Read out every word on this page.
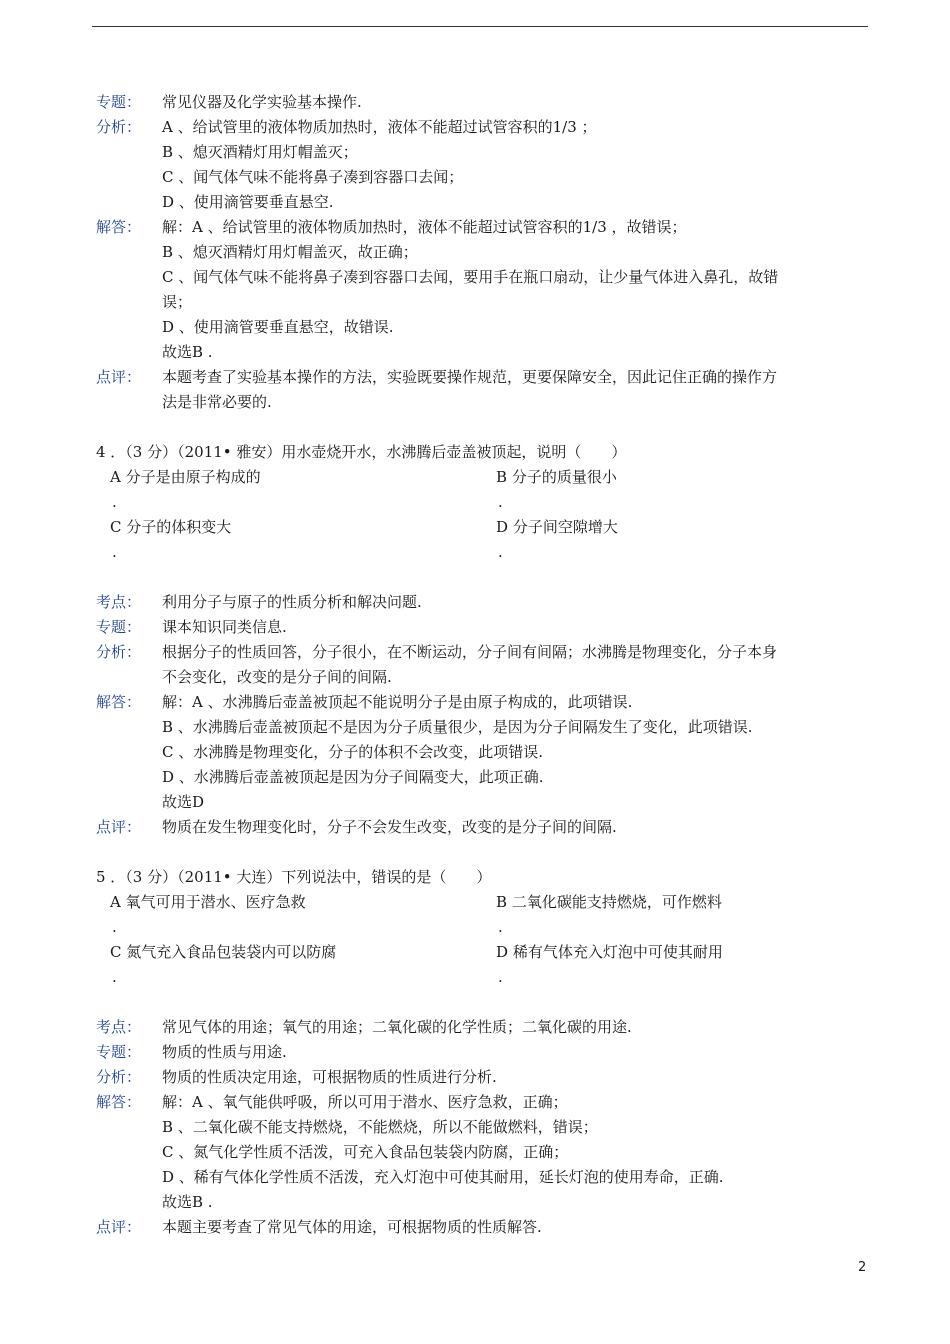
专题： 常见仪器及化学实验基本操作.
分析： A 、给试管里的液体物质加热时，液体不能超过试管容积的1/3 ；
B 、熄灭酒精灯用灯帽盖灭；
C 、闻气体气味不能将鼻子凑到容器口去闻；
D 、使用滴管要垂直悬空.
解答： 解：A 、给试管里的液体物质加热时，液体不能超过试管容积的1/3 ，故错误；
B 、熄灭酒精灯用灯帽盖灭，故正确；
C 、闻气体气味不能将鼻子凑到容器口去闻，要用手在瓶口扇动，让少量气体进入鼻孔，故错
误；
D 、使用滴管要垂直悬空，故错误.
故选B .
点评： 本题考查了实验基本操作的方法，实验既要操作规范，更要保障安全，因此记住正确的操作方
法是非常必要的.
4 ．（3 分）（2011• 雅安）用水壶烧开水，水沸腾后壶盖被顶起，说明（　　）
A 分子是由原子构成的
.
B 分子的质量很小
.
C 分子的体积变大
.
D 分子间空隙增大
.
考点： 利用分子与原子的性质分析和解决问题.
专题： 课本知识同类信息.
分析： 根据分子的性质回答，分子很小，在不断运动，分子间有间隔；水沸腾是物理变化，分子本身
不会变化，改变的是分子间的间隔.
解答： 解：A 、水沸腾后壶盖被顶起不能说明分子是由原子构成的，此项错误.
B 、水沸腾后壶盖被顶起不是因为分子质量很少，是因为分子间隔发生了变化，此项错误.
C 、水沸腾是物理变化，分子的体积不会改变，此项错误.
D 、水沸腾后壶盖被顶起是因为分子间隔变大，此项正确.
故选D
点评： 物质在发生物理变化时，分子不会发生改变，改变的是分子间的间隔.
5 ．（3 分）（2011• 大连）下列说法中，错误的是（　　）
A 氧气可用于潜水、医疗急救
.
B 二氧化碳能支持燃烧，可作燃料
.
C 氮气充入食品包装袋内可以防腐
.
D 稀有气体充入灯泡中可使其耐用
.
考点： 常见气体的用途；氧气的用途；二氧化碳的化学性质；二氧化碳的用途.
专题： 物质的性质与用途.
分析： 物质的性质决定用途，可根据物质的性质进行分析.
解答： 解：A 、氧气能供呼吸，所以可用于潜水、医疗急救，正确；
B 、二氧化碳不能支持燃烧，不能燃烧，所以不能做燃料，错误；
C 、氮气化学性质不活泼，可充入食品包装袋内防腐，正确；
D 、稀有气体化学性质不活泼，充入灯泡中可使其耐用，延长灯泡的使用寿命，正确.
故选B .
点评： 本题主要考查了常见气体的用途，可根据物质的性质解答.
2
